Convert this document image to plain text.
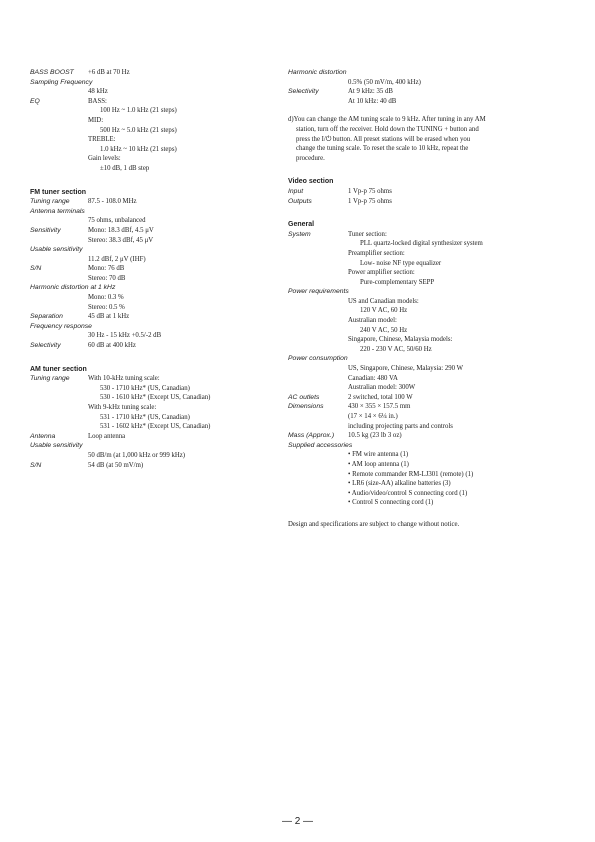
BASS BOOST +6 dB at 70 Hz
Sampling Frequency
48 kHz
EQ	BASS:
100 Hz ~ 1.0 kHz (21 steps)
MID:
500 Hz ~ 5.0 kHz (21 steps)
TREBLE:
1.0 kHz ~ 10 kHz (21 steps)
Gain levels:
±10 dB, 1 dB step
FM tuner section
Tuning range	87.5 - 108.0 MHz
Antenna terminals
75 ohms, unbalanced
Sensitivity	Mono: 18.3 dBf, 4.5 μV
Stereo: 38.3 dBf, 45 μV
Usable sensitivity
11.2 dBf, 2 μV (IHF)
S/N	Mono: 76 dB
Stereo: 70 dB
Harmonic distortion at 1 kHz
Mono: 0.3 %
Stereo: 0.5 %
Separation	45 dB at 1 kHz
Frequency response
30 Hz - 15 kHz +0.5/-2 dB
Selectivity	60 dB at 400 kHz
AM tuner section
Tuning range	With 10-kHz tuning scale:
530 - 1710 kHz* (US, Canadian)
530 - 1610 kHz* (Except US, Canadian)
With 9-kHz tuning scale:
531 - 1710 kHz* (US, Canadian)
531 - 1602 kHz* (Except US, Canadian)
Antenna	Loop antenna
Usable sensitivity
50 dB/m (at 1,000 kHz or 999 kHz)
S/N	54 dB (at 50 mV/m)
Harmonic distortion
0.5% (50 mV/m, 400 kHz)
Selectivity	At 9 kHz: 35 dB
At 10 kHz: 40 dB
d)You can change the AM tuning scale to 9 kHz. After tuning in any AM
station, turn off the receiver. Hold down the TUNING + button and
press the I/⏻ button. All preset stations will be erased when you
change the tuning scale. To reset the scale to 10 kHz, repeat the
procedure.
Video section
Input	1 Vp-p 75 ohms
Outputs	1 Vp-p 75 ohms
General
System	Tuner section:
PLL quartz-locked digital synthesizer system
Preamplifier section:
Low- noise NF type equalizer
Power amplifier section:
Pure-complementary SEPP
Power requirements
US and Canadian models:
120 V AC, 60 Hz
Australian model:
240 V AC, 50 Hz
Singapore, Chinese, Malaysia models:
220 - 230 V AC, 50/60 Hz
Power consumption
US, Singapore, Chinese, Malaysia: 290 W
Canadian: 480 VA
Australian model: 300W
AC outlets	2 switched, total 100 W
Dimensions	430 × 355 × 157.5 mm
(17 × 14 × 6¼ in.)
including projecting parts and controls
Mass (Approx.) 10.5 kg (23 lb 3 oz)
Supplied accessories
• FM wire antenna (1)
• AM loop antenna (1)
• Remote commander RM-LJ301 (remote) (1)
• LR6 (size-AA) alkaline batteries (3)
• Audio/video/control S connecting cord (1)
• Control S connecting cord (1)
Design and specifications are subject to change without notice.
— 2 —
